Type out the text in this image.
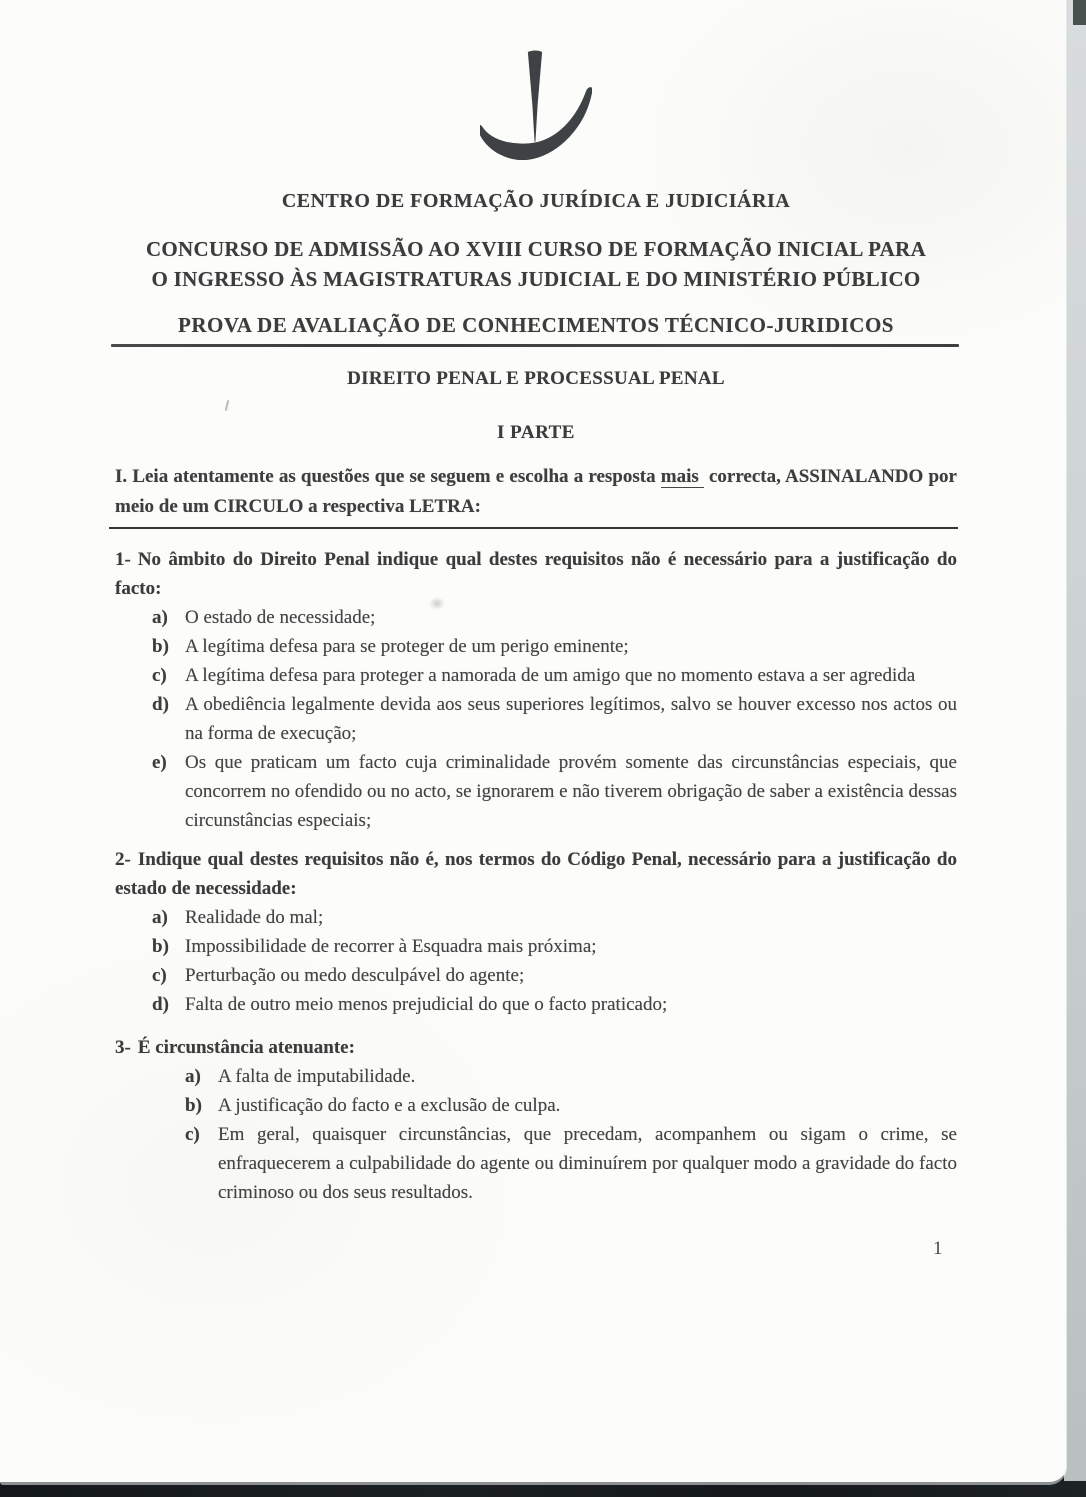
CENTRO DE FORMAÇÃO JURÍDICA E JUDICIÁRIA
CONCURSO DE ADMISSÃO AO XVIII CURSO DE FORMAÇÃO INICIAL PARA
O INGRESSO ÀS MAGISTRATURAS JUDICIAL E DO MINISTÉRIO PÚBLICO
PROVA DE AVALIAÇÃO DE CONHECIMENTOS TÉCNICO-JURIDICOS
DIREITO PENAL E PROCESSUAL PENAL
I PARTE

I. Leia atentamente as questões que se seguem e escolha a resposta mais correcta, ASSINALANDO por meio de um CIRCULO a respectiva LETRA:

1- No âmbito do Direito Penal indique qual destes requisitos não é necessário para a justificação do facto:

a) O estado de necessidade;
b) A legítima defesa para se proteger de um perigo eminente;
c) A legítima defesa para proteger a namorada de um amigo que no momento estava a ser agredida
d) A obediência legalmente devida aos seus superiores legítimos, salvo se houver excesso nos actos ou na forma de execução;
e) Os que praticam um facto cuja criminalidade provém somente das circunstâncias especiais, que concorrem no ofendido ou no acto, se ignorarem e não tiverem obrigação de saber a existência dessas circunstâncias especiais;

2- Indique qual destes requisitos não é, nos termos do Código Penal, necessário para a justificação do estado de necessidade:

a) Realidade do mal;
b) Impossibilidade de recorrer à Esquadra mais próxima;
c) Perturbação ou medo desculpável do agente;
d) Falta de outro meio menos prejudicial do que o facto praticado;

3- É circunstância atenuante:

a) A falta de imputabilidade.
b) A justificação do facto e a exclusão de culpa.
c) Em geral, quaisquer circunstâncias, que precedam, acompanhem ou sigam o crime, se enfraquecerem a culpabilidade do agente ou diminuírem por qualquer modo a gravidade do facto criminoso ou dos seus resultados.
1
